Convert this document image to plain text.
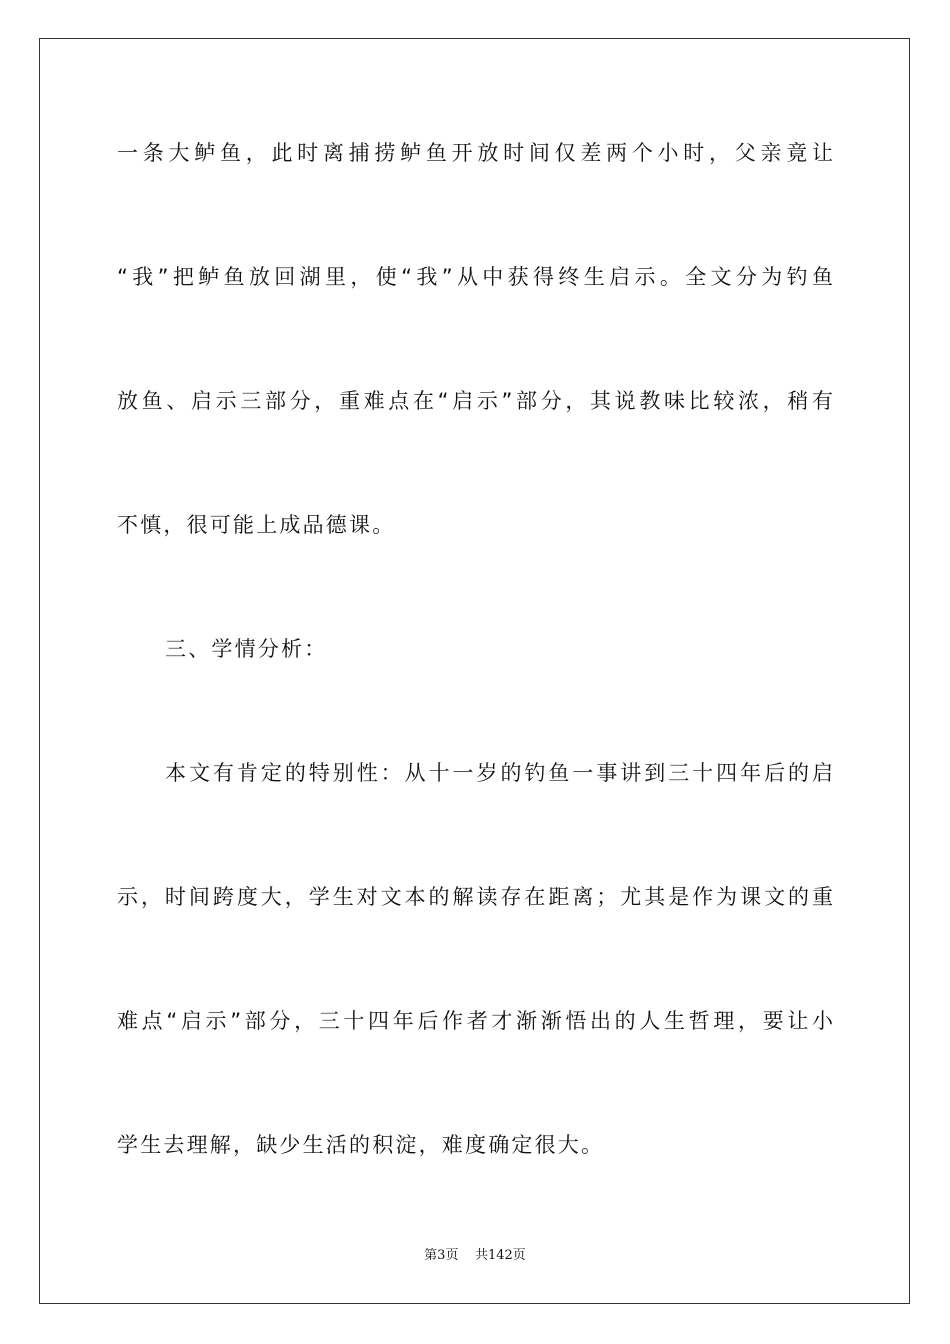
一条大鲈鱼，此时离捕捞鲈鱼开放时间仅差两个小时，父亲竟让
“我”把鲈鱼放回湖里，使“我”从中获得终生启示。全文分为钓鱼
放鱼、启示三部分，重难点在“启示”部分，其说教味比较浓，稍有
不慎，很可能上成品德课。
三、学情分析：
本文有肯定的特别性：从十一岁的钓鱼一事讲到三十四年后的启
示，时间跨度大，学生对文本的解读存在距离；尤其是作为课文的重
难点“启示”部分，三十四年后作者才渐渐悟出的人生哲理，要让小
学生去理解，缺少生活的积淀，难度确定很大。
第3页 共142页
